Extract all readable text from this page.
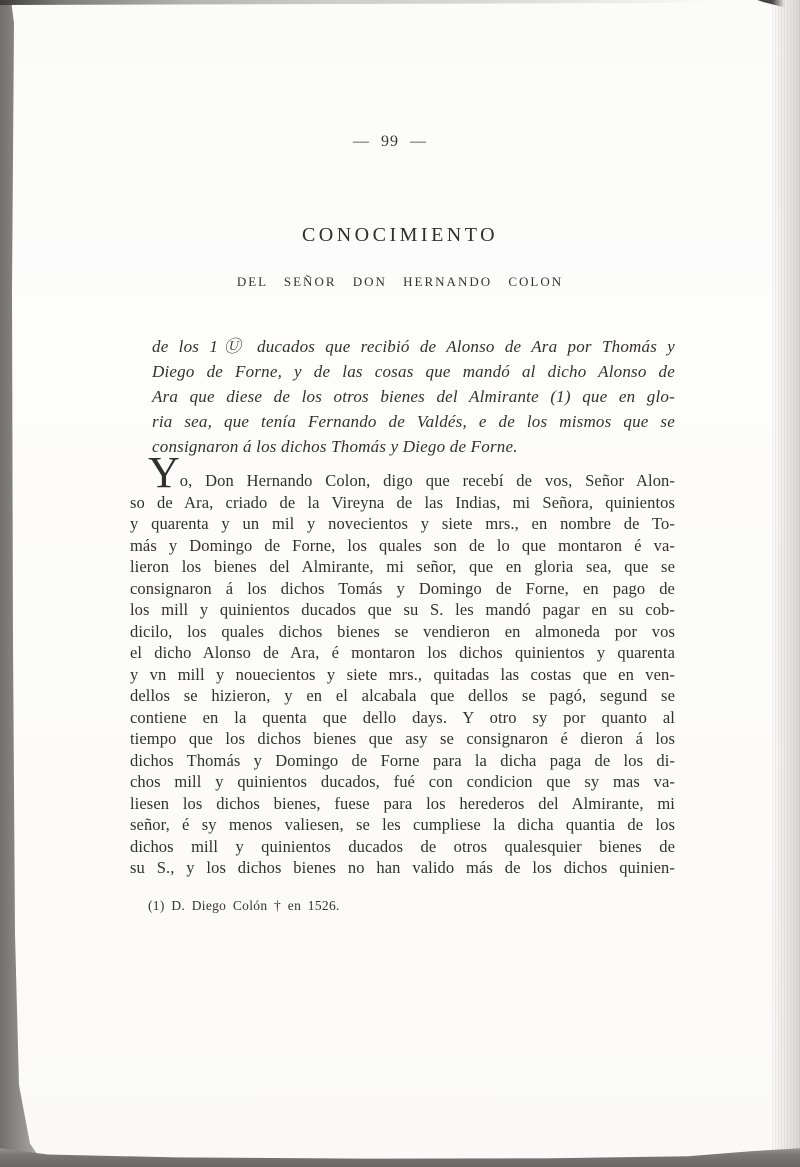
— 99 —
CONOCIMIENTO
DEL SEÑOR DON HERNANDO COLON
de los 1Ⓤ ducados que recibió de Alonso de Ara por Thomás y
Diego de Forne, y de las cosas que mandó al dicho Alonso de
Ara que diese de los otros bienes del Almirante (1) que en glo-
ria sea, que tenía Fernando de Valdés, e de los mismos que se
consignaron á los dichos Thomás y Diego de Forne.
Yo, Don Hernando Colon, digo que recebí de vos, Señor Alon-
so de Ara, criado de la Vireyna de las Indias, mi Señora, quinientos
y quarenta y un mil y novecientos y siete mrs., en nombre de To-
más y Domingo de Forne, los quales son de lo que montaron é va-
lieron los bienes del Almirante, mi señor, que en gloria sea, que se
consignaron á los dichos Tomás y Domingo de Forne, en pago de
los mill y quinientos ducados que su S. les mandó pagar en su cob-
dicilo, los quales dichos bienes se vendieron en almoneda por vos
el dicho Alonso de Ara, é montaron los dichos quinientos y quarenta
y vn mill y nouecientos y siete mrs., quitadas las costas que en ven-
dellos se hizieron, y en el alcabala que dellos se pagó, segund se
contiene en la quenta que dello days. Y otro sy por quanto al
tiempo que los dichos bienes que asy se consignaron é dieron á los
dichos Thomás y Domingo de Forne para la dicha paga de los di-
chos mill y quinientos ducados, fué con condicion que sy mas va-
liesen los dichos bienes, fuese para los herederos del Almirante, mi
señor, é sy menos valiesen, se les cumpliese la dicha quantia de los
dichos mill y quinientos ducados de otros qualesquier bienes de
su S., y los dichos bienes no han valido más de los dichos quinien-
(1) D. Diego Colón † en 1526.
